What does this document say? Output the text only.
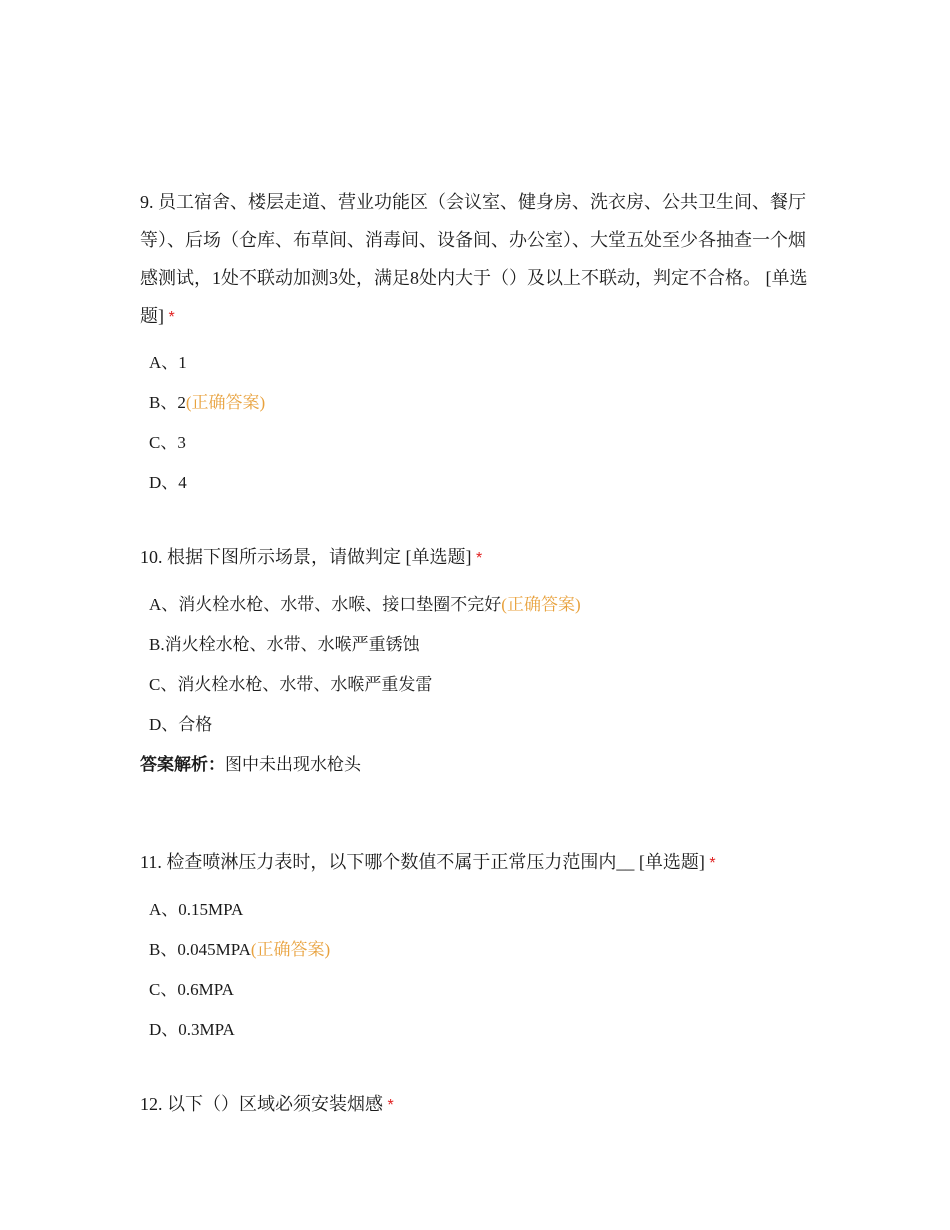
9. 员工宿舍、楼层走道、营业功能区（会议室、健身房、洗衣房、公共卫生间、餐厅等）、后场（仓库、布草间、消毒间、设备间、办公室）、大堂五处至少各抽查一个烟感测试，1处不联动加测3处，满足8处内大于（）及以上不联动，判定不合格。 [单选题] *

A、1
B、2(正确答案)
C、3
D、4

10. 根据下图所示场景，请做判定 [单选题] *

A、消火栓水枪、水带、水喉、接口垫圈不完好(正确答案)
B.消火栓水枪、水带、水喉严重锈蚀
C、消火栓水枪、水带、水喉严重发雷
D、合格
答案解析：图中未出现水枪头

11. 检查喷淋压力表时，以下哪个数值不属于正常压力范围内__ [单选题] *

A、0.15MPA
B、0.045MPA(正确答案)
C、0.6MPA
D、0.3MPA

12. 以下（）区域必须安装烟感 *
